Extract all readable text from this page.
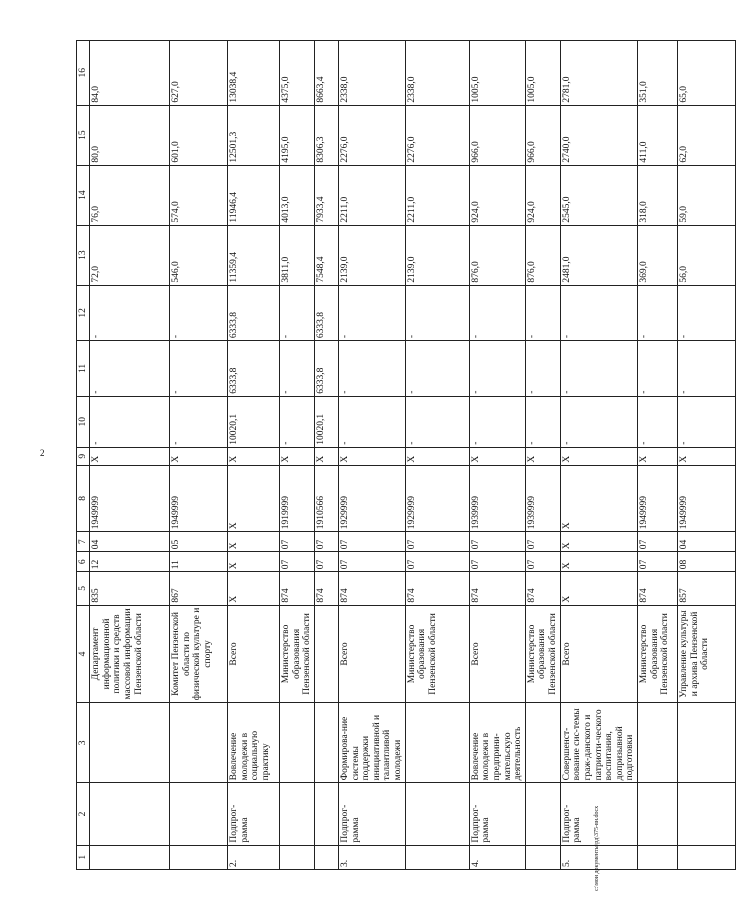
2
1	2	3	4	5	6	7	8	9	10	11	12	13	14	15	16
			Департамент информационной политики и средств массовой информации Пензенской области	835	12	04	1949999	Х	-	-	-	72,0	76,0	80,0	84,0
			Комитет Пензенской области по физической культуре и спорту	867	11	05	1949999	Х	-	-	-	546,0	574,0	601,0	627,0
2.	Подпрог-рамма	Вовлечение молодежи в социальную практику	Всего	Х	Х	Х	Х	Х	10020,1	6333,8	6333,8	11359,4	11946,4	12501,3	13038,4
			Министерство образования Пензенской области	874	07	07	1919999	Х	-	-	-	3811,0	4013,0	4195,0	4375,0
				874	07	07	1910566	Х	10020,1	6333,8	6333,8	7548,4	7933,4	8306,3	8663,4
3.	Подпрог-рамма	Формирова-ние системы поддержки инициативной и талантливой молодежи	Всего	874	07	07	1929999	Х	-	-	-	2139,0	2211,0	2276,0	2338,0
			Министерство образования Пензенской области	874	07	07	1929999	Х	-	-	-	2139,0	2211,0	2276,0	2338,0
4.	Подпрог-рамма	Вовлечение молодежи в предприни-мательскую деятельность	Всего	874	07	07	1939999	Х	-	-	-	876,0	924,0	966,0	1005,0
			Министерство образования Пензенской области	874	07	07	1939999	Х	-	-	-	876,0	924,0	966,0	1005,0
5.	Подпрог-рамма	Совершенст-вование сис-темы граж-данского и патриоти-ческого воспитания, допризывной подготовки	Всего	Х	Х	Х	Х	Х	-	-	-	2481,0	2545,0	2740,0	2781,0
			Министерство образования Пензенской области	874	07	07	1949999	Х	-	-	-	369,0	318,0	411,0	351,0
			Управление культуры и архива Пензенской области	857	08	04	1949999	Х	-	-	-	56,0	59,0	62,0	65,0
c:\мои документы\рд\375-вн.docx
